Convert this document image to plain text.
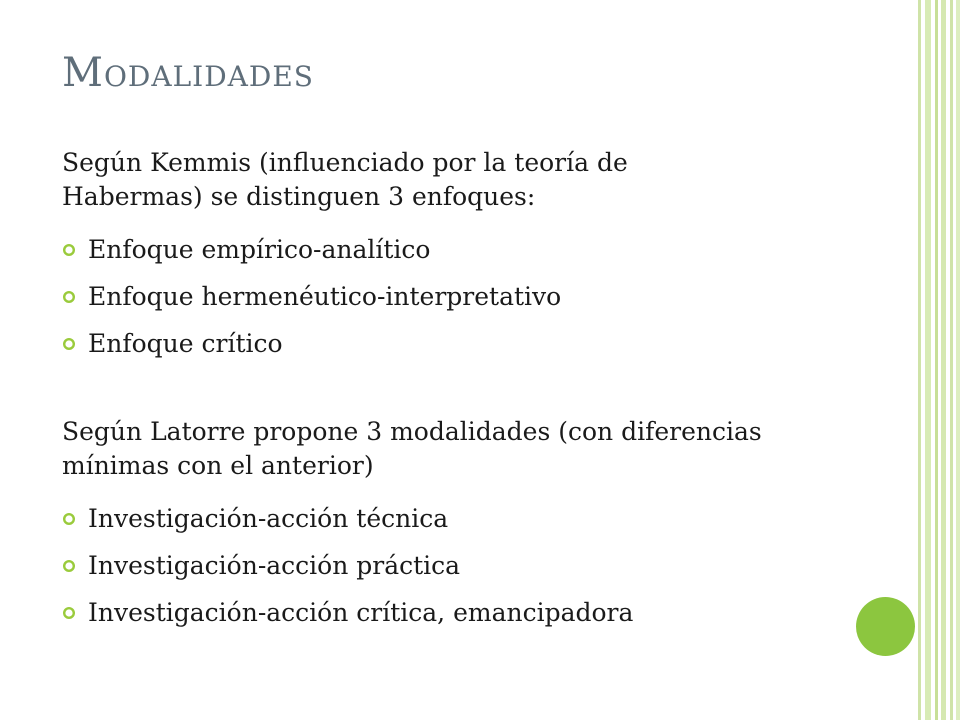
Modalidades

Según Kemmis (influenciado por la teoría de Habermas) se distinguen 3 enfoques:

Enfoque empírico-analítico
Enfoque hermenéutico-interpretativo
Enfoque crítico

Según Latorre propone 3 modalidades (con diferencias mínimas con el anterior)

Investigación-acción técnica
Investigación-acción práctica
Investigación-acción crítica, emancipadora
